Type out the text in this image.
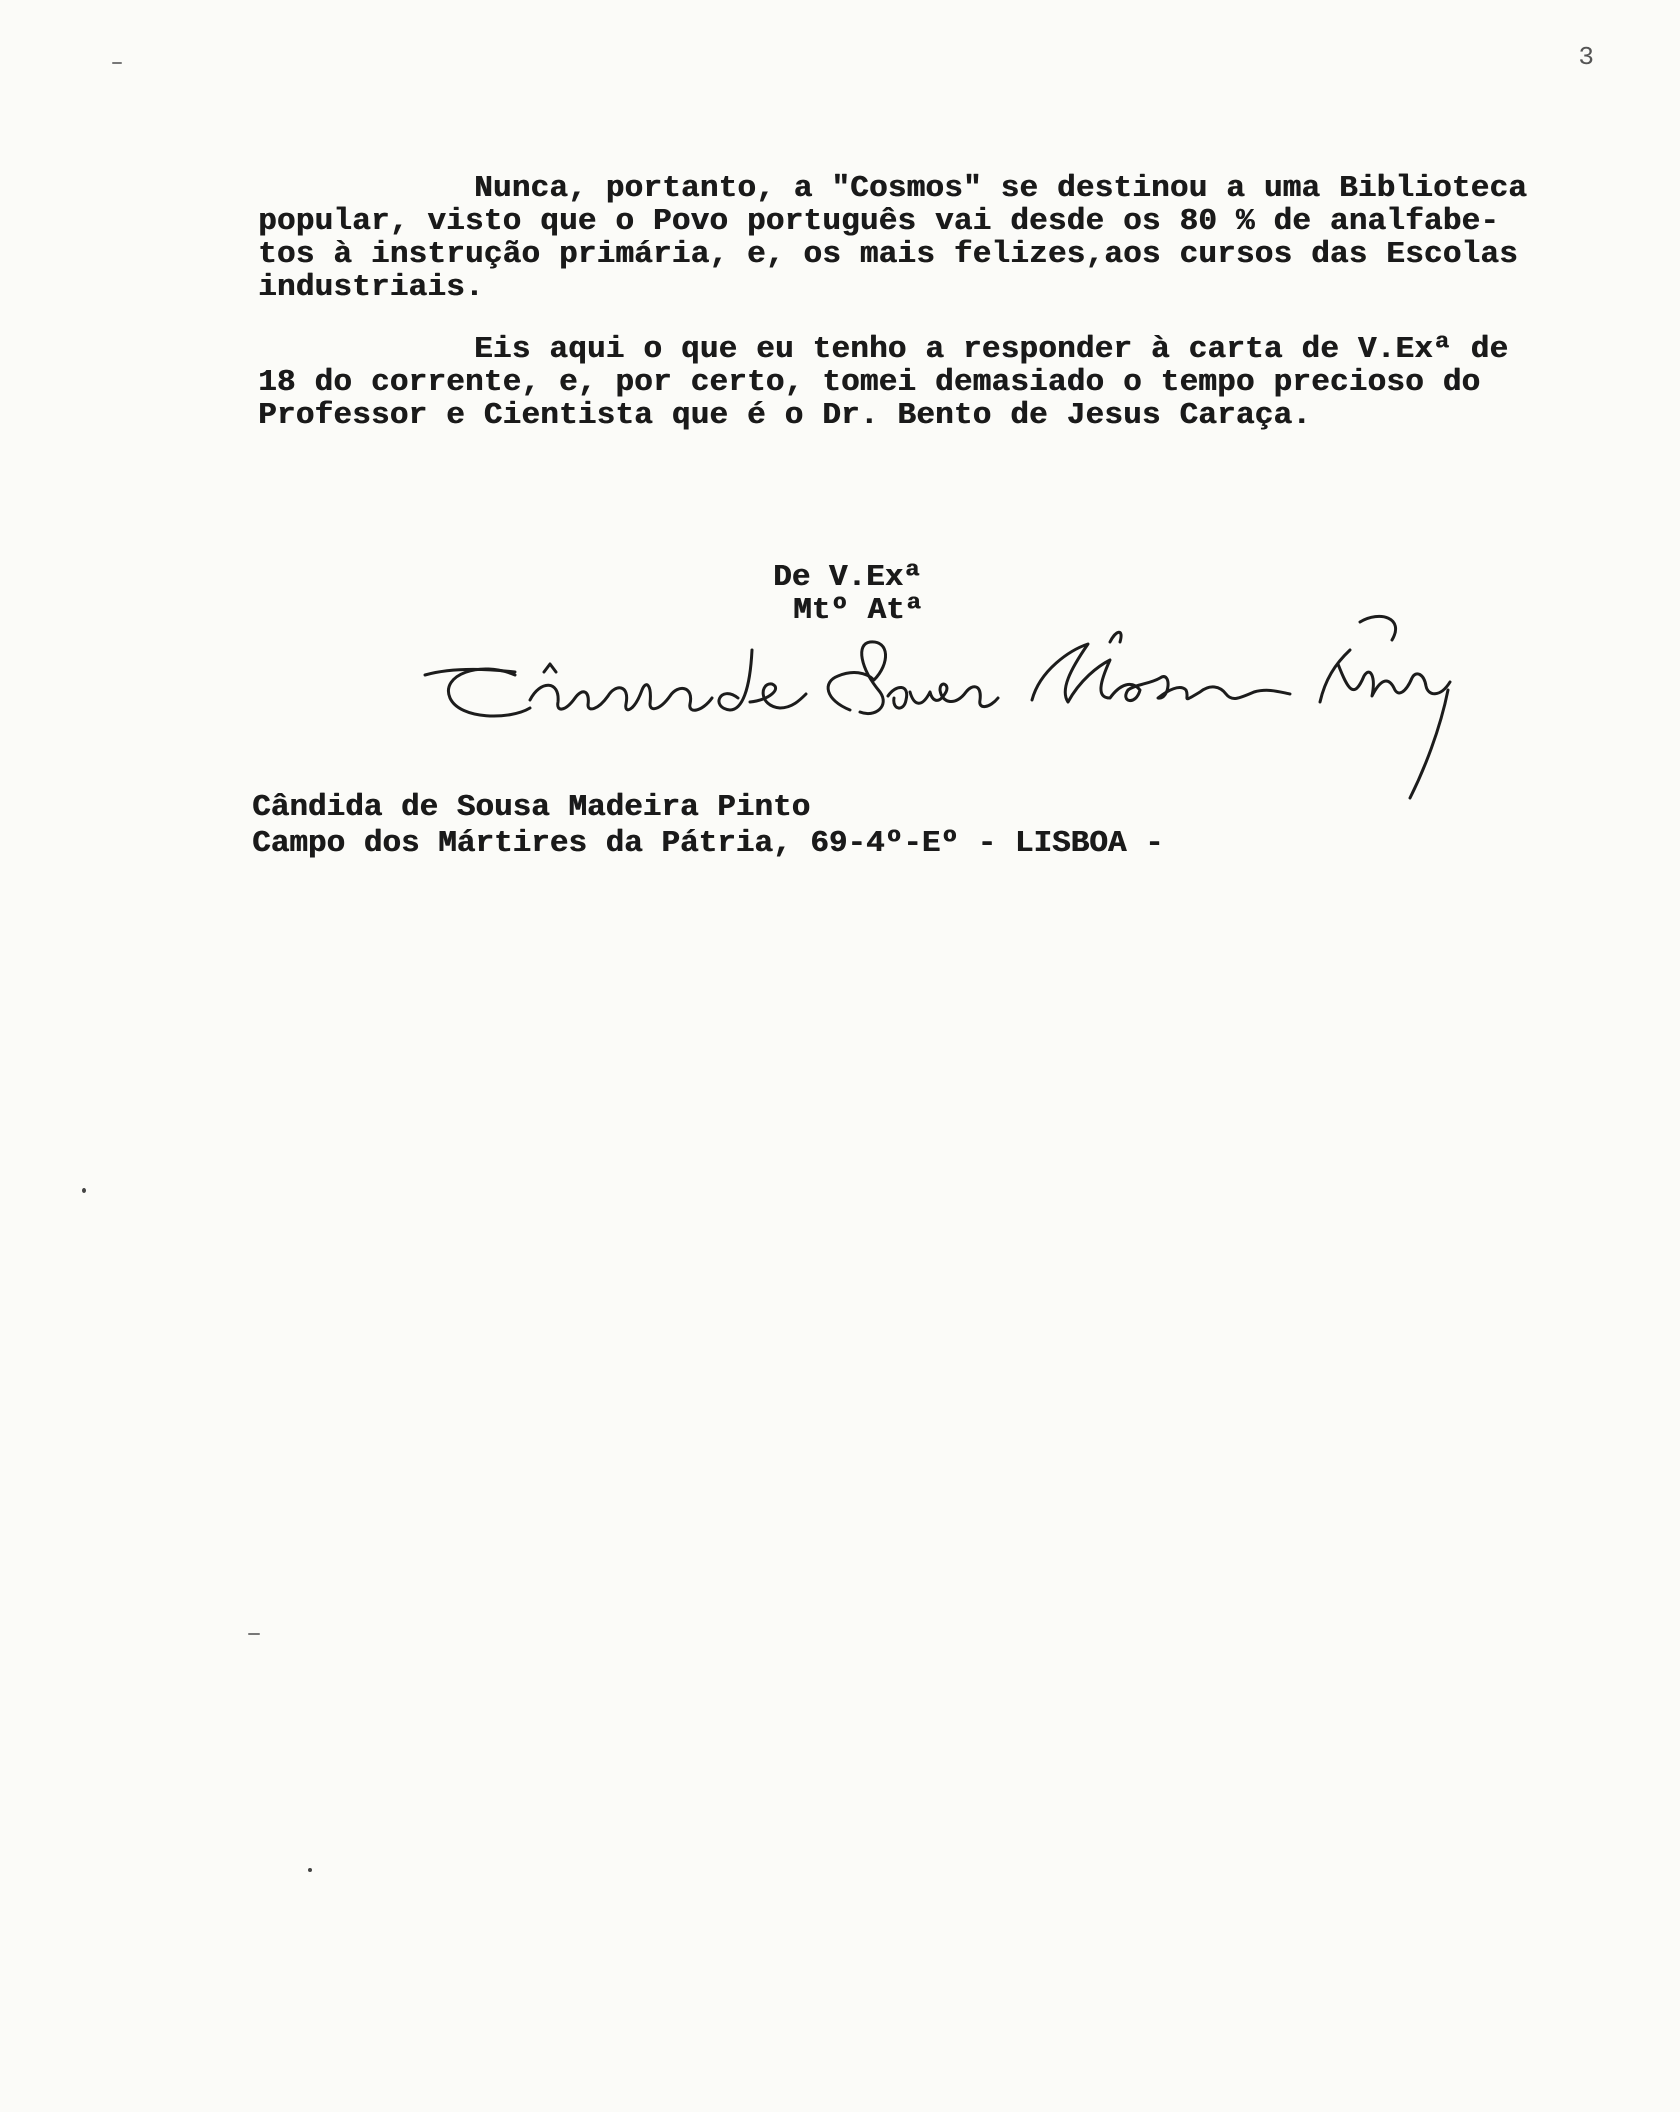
3
Nunca, portanto, a "Cosmos" se destinou a uma Biblioteca
popular, visto que o Povo português vai desde os 80 % de analfabe-
tos à instrução primária, e, os mais felizes,aos cursos das Escolas
industriais.
Eis aqui o que eu tenho a responder à carta de V.Exª de
18 do corrente, e, por certo, tomei demasiado o tempo precioso do
Professor e Cientista que é o Dr. Bento de Jesus Caraça.
De V.Exª
Mtº Atª
Cândida de Sousa Madeira Pinto
Campo dos Mártires da Pátria, 69-4º-Eº - LISBOA -
